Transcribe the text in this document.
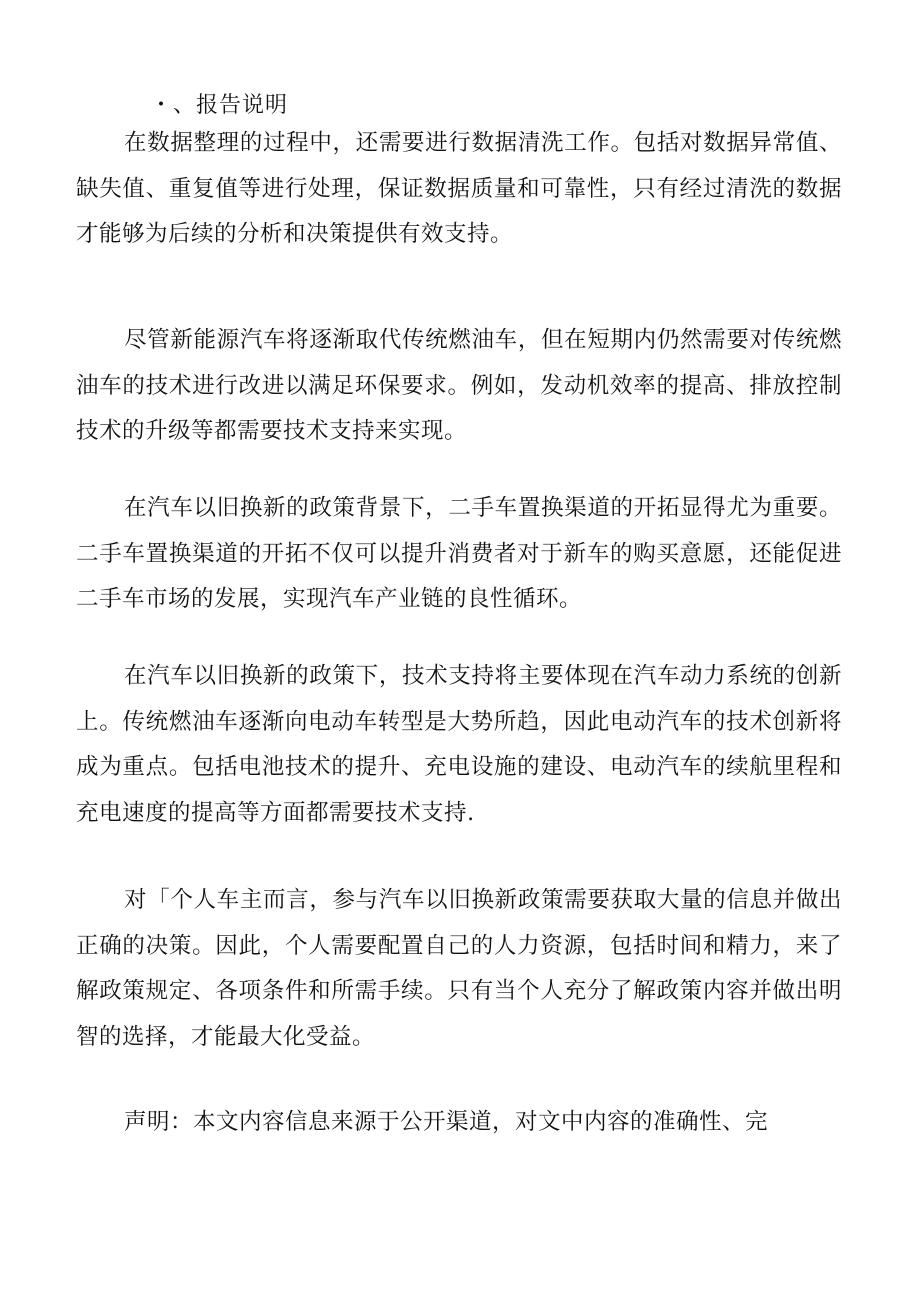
・、报告说明

在数据整理的过程中，还需要进行数据清洗工作。包括对数据异常值、缺失值、重复值等进行处理，保证数据质量和可靠性，只有经过清洗的数据才能够为后续的分析和决策提供有效支持。

尽管新能源汽车将逐渐取代传统燃油车，但在短期内仍然需要对传统燃油车的技术进行改进以满足环保要求。例如，发动机效率的提高、排放控制技术的升级等都需要技术支持来实现。

在汽车以旧换新的政策背景下，二手车置换渠道的开拓显得尤为重要。二手车置换渠道的开拓不仅可以提升消费者对于新车的购买意愿，还能促进二手车市场的发展，实现汽车产业链的良性循环。

在汽车以旧换新的政策下，技术支持将主要体现在汽车动力系统的创新上。传统燃油车逐渐向电动车转型是大势所趋，因此电动汽车的技术创新将成为重点。包括电池技术的提升、充电设施的建设、电动汽车的续航里程和充电速度的提高等方面都需要技术支持.

对「个人车主而言，参与汽车以旧换新政策需要获取大量的信息并做出正确的决策。因此，个人需要配置自己的人力资源，包括时间和精力，来了解政策规定、各项条件和所需手续。只有当个人充分了解政策内容并做出明智的选择，才能最大化受益。

声明：本文内容信息来源于公开渠道，对文中内容的准确性、完
